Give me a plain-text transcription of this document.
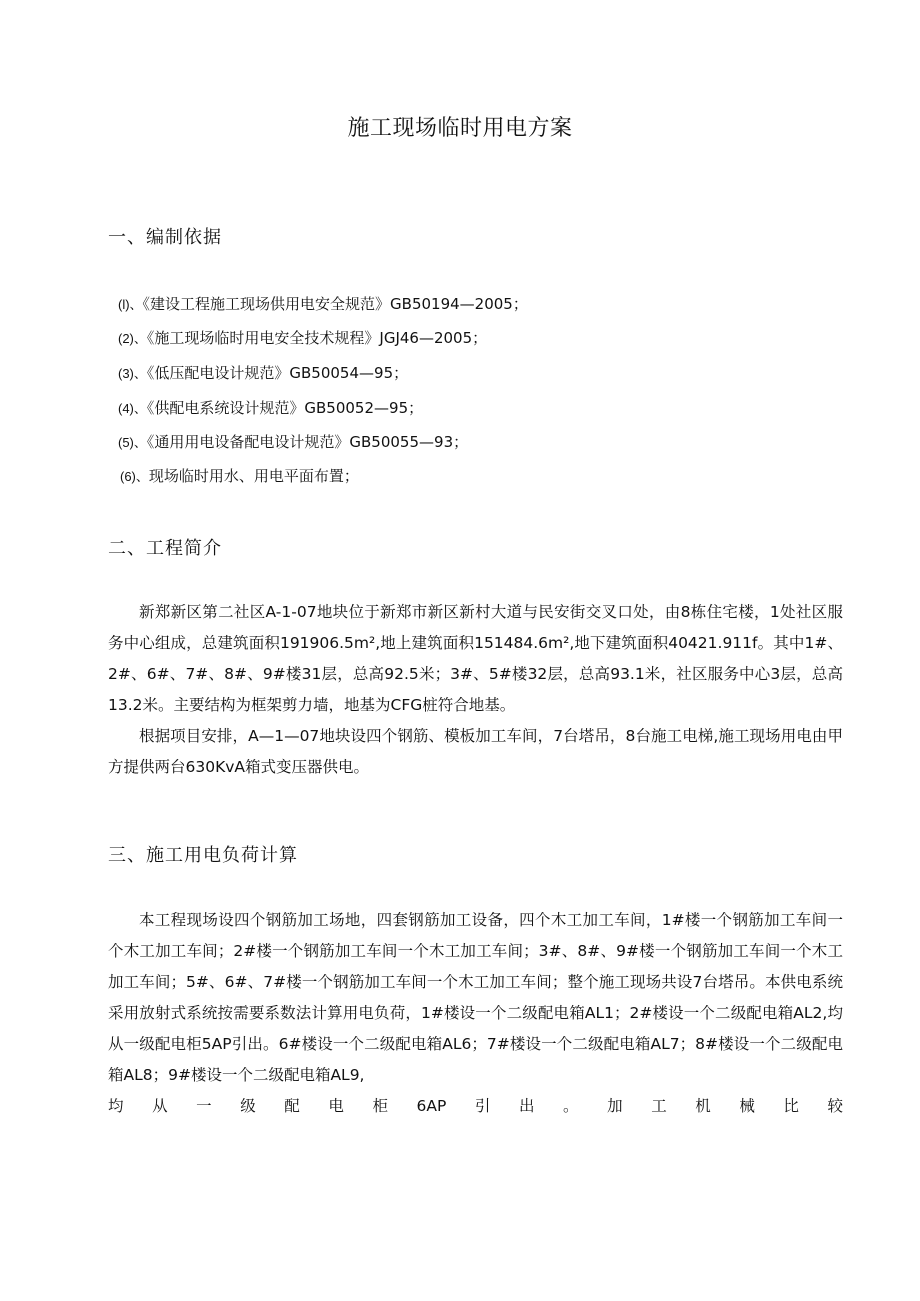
施工现场临时用电方案
一、编制依据
(l)、《建设工程施工现场供用电安全规范》GB50194—2005；
(2)、《施工现场临时用电安全技术规程》JGJ46—2005；
(3)、《低压配电设计规范》GB50054—95；
(4)、《供配电系统设计规范》GB50052—95；
(5)、《通用用电设备配电设计规范》GB50055—93；
(6)、现场临时用水、用电平面布置；
二、工程简介

新郑新区第二社区A-1-07地块位于新郑市新区新村大道与民安街交叉口处，由8栋住宅楼，1处社区服务中心组成，总建筑面积191906.5m²,地上建筑面积151484.6m²,地下建筑面积40421.911f。其中1#、2#、6#、7#、8#、9#楼31层，总高92.5米；3#、5#楼32层，总高93.1米，社区服务中心3层，总高13.2米。主要结构为框架剪力墙，地基为CFG桩符合地基。

根据项目安排，A—1—07地块设四个钢筋、模板加工车间，7台塔吊，8台施工电梯,施工现场用电由甲方提供两台630KvA箱式变压器供电。

三、施工用电负荷计算

本工程现场设四个钢筋加工场地，四套钢筋加工设备，四个木工加工车间，1#楼一个钢筋加工车间一个木工加工车间；2#楼一个钢筋加工车间一个木工加工车间；3#、8#、9#楼一个钢筋加工车间一个木工加工车间；5#、6#、7#楼一个钢筋加工车间一个木工加工车间；整个施工现场共设7台塔吊。本供电系统采用放射式系统按需要系数法计算用电负荷，1#楼设一个二级配电箱AL1；2#楼设一个二级配电箱AL2,均从一级配电柜5AP引出。6#楼设一个二级配电箱AL6；7#楼设一个二级配电箱AL7；8#楼设一个二级配电箱AL8；9#楼设一个二级配电箱AL9,

均从一级配电柜6AP引出。加工机械比较
